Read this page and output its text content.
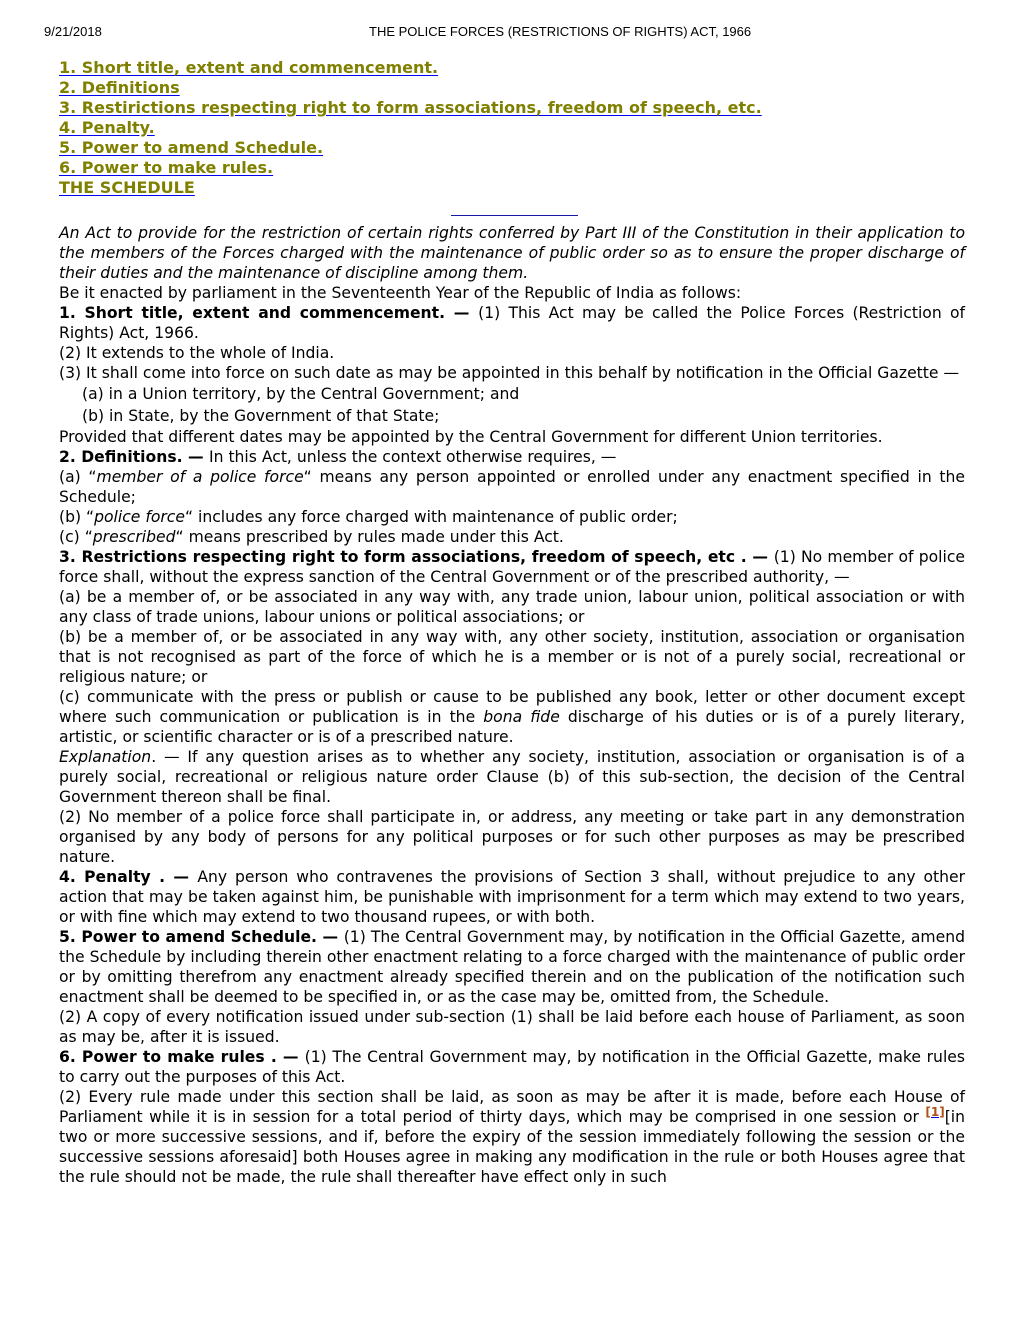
9/21/2018	THE POLICE FORCES (RESTRICTIONS OF RIGHTS) ACT, 1966
1. Short title, extent and commencement.
2. Definitions
3. Restirictions respecting right to form associations, freedom of speech, etc.
4. Penalty.
5. Power to amend Schedule.
6. Power to make rules.
THE SCHEDULE

An Act to provide for the restriction of certain rights conferred by Part III of the Constitution in their application to the members of the Forces charged with the maintenance of public order so as to ensure the proper discharge of their duties and the maintenance of discipline among them.

Be it enacted by parliament in the Seventeenth Year of the Republic of India as follows:

1. Short title, extent and commencement. — (1) This Act may be called the Police Forces (Restriction of Rights) Act, 1966.

(2) It extends to the whole of India.

(3) It shall come into force on such date as may be appointed in this behalf by notification in the Official Gazette —

(a) in a Union territory, by the Central Government; and

(b) in State, by the Government of that State;

Provided that different dates may be appointed by the Central Government for different Union territories.

2. Definitions. — In this Act, unless the context otherwise requires, —

(a) “member of a police force“ means any person appointed or enrolled under any enactment specified in the Schedule;

(b) “police force“ includes any force charged with maintenance of public order;

(c) “prescribed“ means prescribed by rules made under this Act.

3. Restrictions respecting right to form associations, freedom of speech, etc . — (1) No member of police force shall, without the express sanction of the Central Government or of the prescribed authority, —

(a) be a member of, or be associated in any way with, any trade union, labour union, political association or with any class of trade unions, labour unions or political associations; or

(b) be a member of, or be associated in any way with, any other society, institution, association or organisation that is not recognised as part of the force of which he is a member or is not of a purely social, recreational or religious nature; or

(c) communicate with the press or publish or cause to be published any book, letter or other document except where such communication or publication is in the bona fide discharge of his duties or is of a purely literary, artistic, or scientific character or is of a prescribed nature.

Explanation. — If any question arises as to whether any society, institution, association or organisation is of a purely social, recreational or religious nature order Clause (b) of this sub-section, the decision of the Central Government thereon shall be final.

(2) No member of a police force shall participate in, or address, any meeting or take part in any demonstration organised by any body of persons for any political purposes or for such other purposes as may be prescribed nature.

4. Penalty . — Any person who contravenes the provisions of Section 3 shall, without prejudice to any other action that may be taken against him, be punishable with imprisonment for a term which may extend to two years, or with fine which may extend to two thousand rupees, or with both.

5. Power to amend Schedule. — (1) The Central Government may, by notification in the Official Gazette, amend the Schedule by including therein other enactment relating to a force charged with the maintenance of public order or by omitting therefrom any enactment already specified therein and on the publication of the notification such enactment shall be deemed to be specified in, or as the case may be, omitted from, the Schedule.

(2) A copy of every notification issued under sub-section (1) shall be laid before each house of Parliament, as soon as may be, after it is issued.

6. Power to make rules . — (1) The Central Government may, by notification in the Official Gazette, make rules to carry out the purposes of this Act.

(2) Every rule made under this section shall be laid, as soon as may be after it is made, before each House of Parliament while it is in session for a total period of thirty days, which may be comprised in one session or [1][in two or more successive sessions, and if, before the expiry of the session immediately following the session or the successive sessions aforesaid] both Houses agree in making any modification in the rule or both Houses agree that the rule should not be made, the rule shall thereafter have effect only in such
